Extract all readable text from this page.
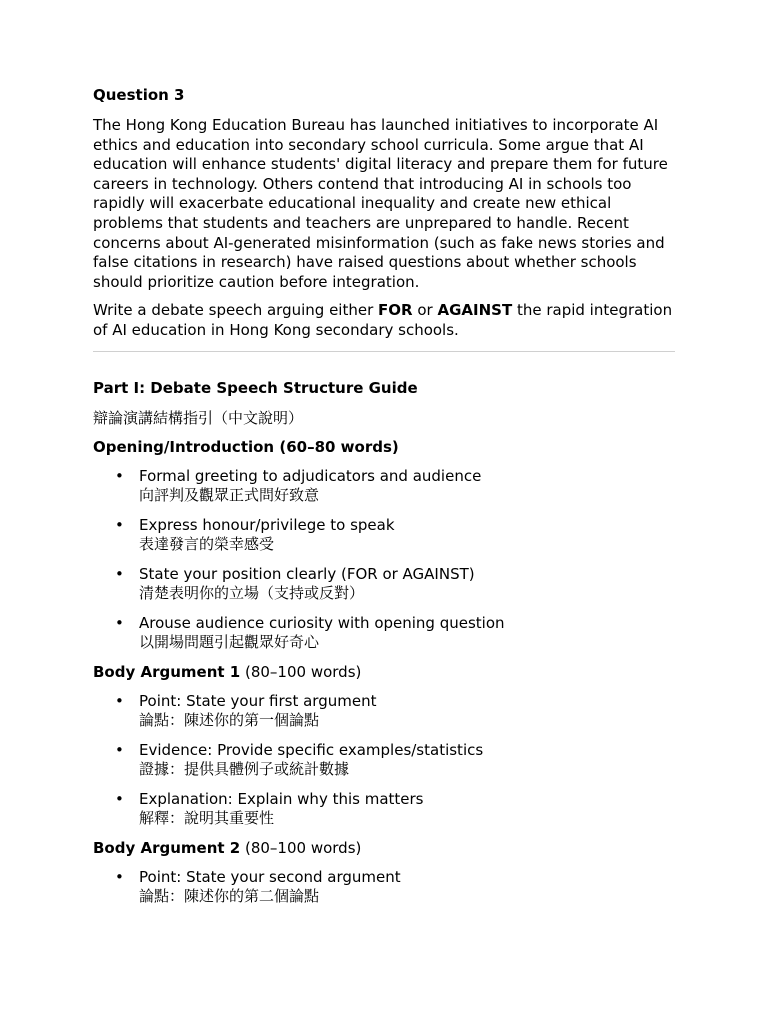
Question 3

The Hong Kong Education Bureau has launched initiatives to incorporate AI ethics and education into secondary school curricula. Some argue that AI education will enhance students' digital literacy and prepare them for future careers in technology. Others contend that introducing AI in schools too rapidly will exacerbate educational inequality and create new ethical problems that students and teachers are unprepared to handle. Recent concerns about AI-generated misinformation (such as fake news stories and false citations in research) have raised questions about whether schools should prioritize caution before integration.

Write a debate speech arguing either FOR or AGAINST the rapid integration of AI education in Hong Kong secondary schools.

Part I: Debate Speech Structure Guide

辯論演講結構指引（中文說明）

Opening/Introduction (60–80 words)

• Formal greeting to adjudicators and audience
向評判及觀眾正式問好致意
• Express honour/privilege to speak
表達發言的榮幸感受
• State your position clearly (FOR or AGAINST)
清楚表明你的立場（支持或反對）
• Arouse audience curiosity with opening question
以開場問題引起觀眾好奇心

Body Argument 1 (80–100 words)

• Point: State your first argument
論點：陳述你的第一個論點
• Evidence: Provide specific examples/statistics
證據：提供具體例子或統計數據
• Explanation: Explain why this matters
解釋：說明其重要性

Body Argument 2 (80–100 words)

• Point: State your second argument
論點：陳述你的第二個論點
